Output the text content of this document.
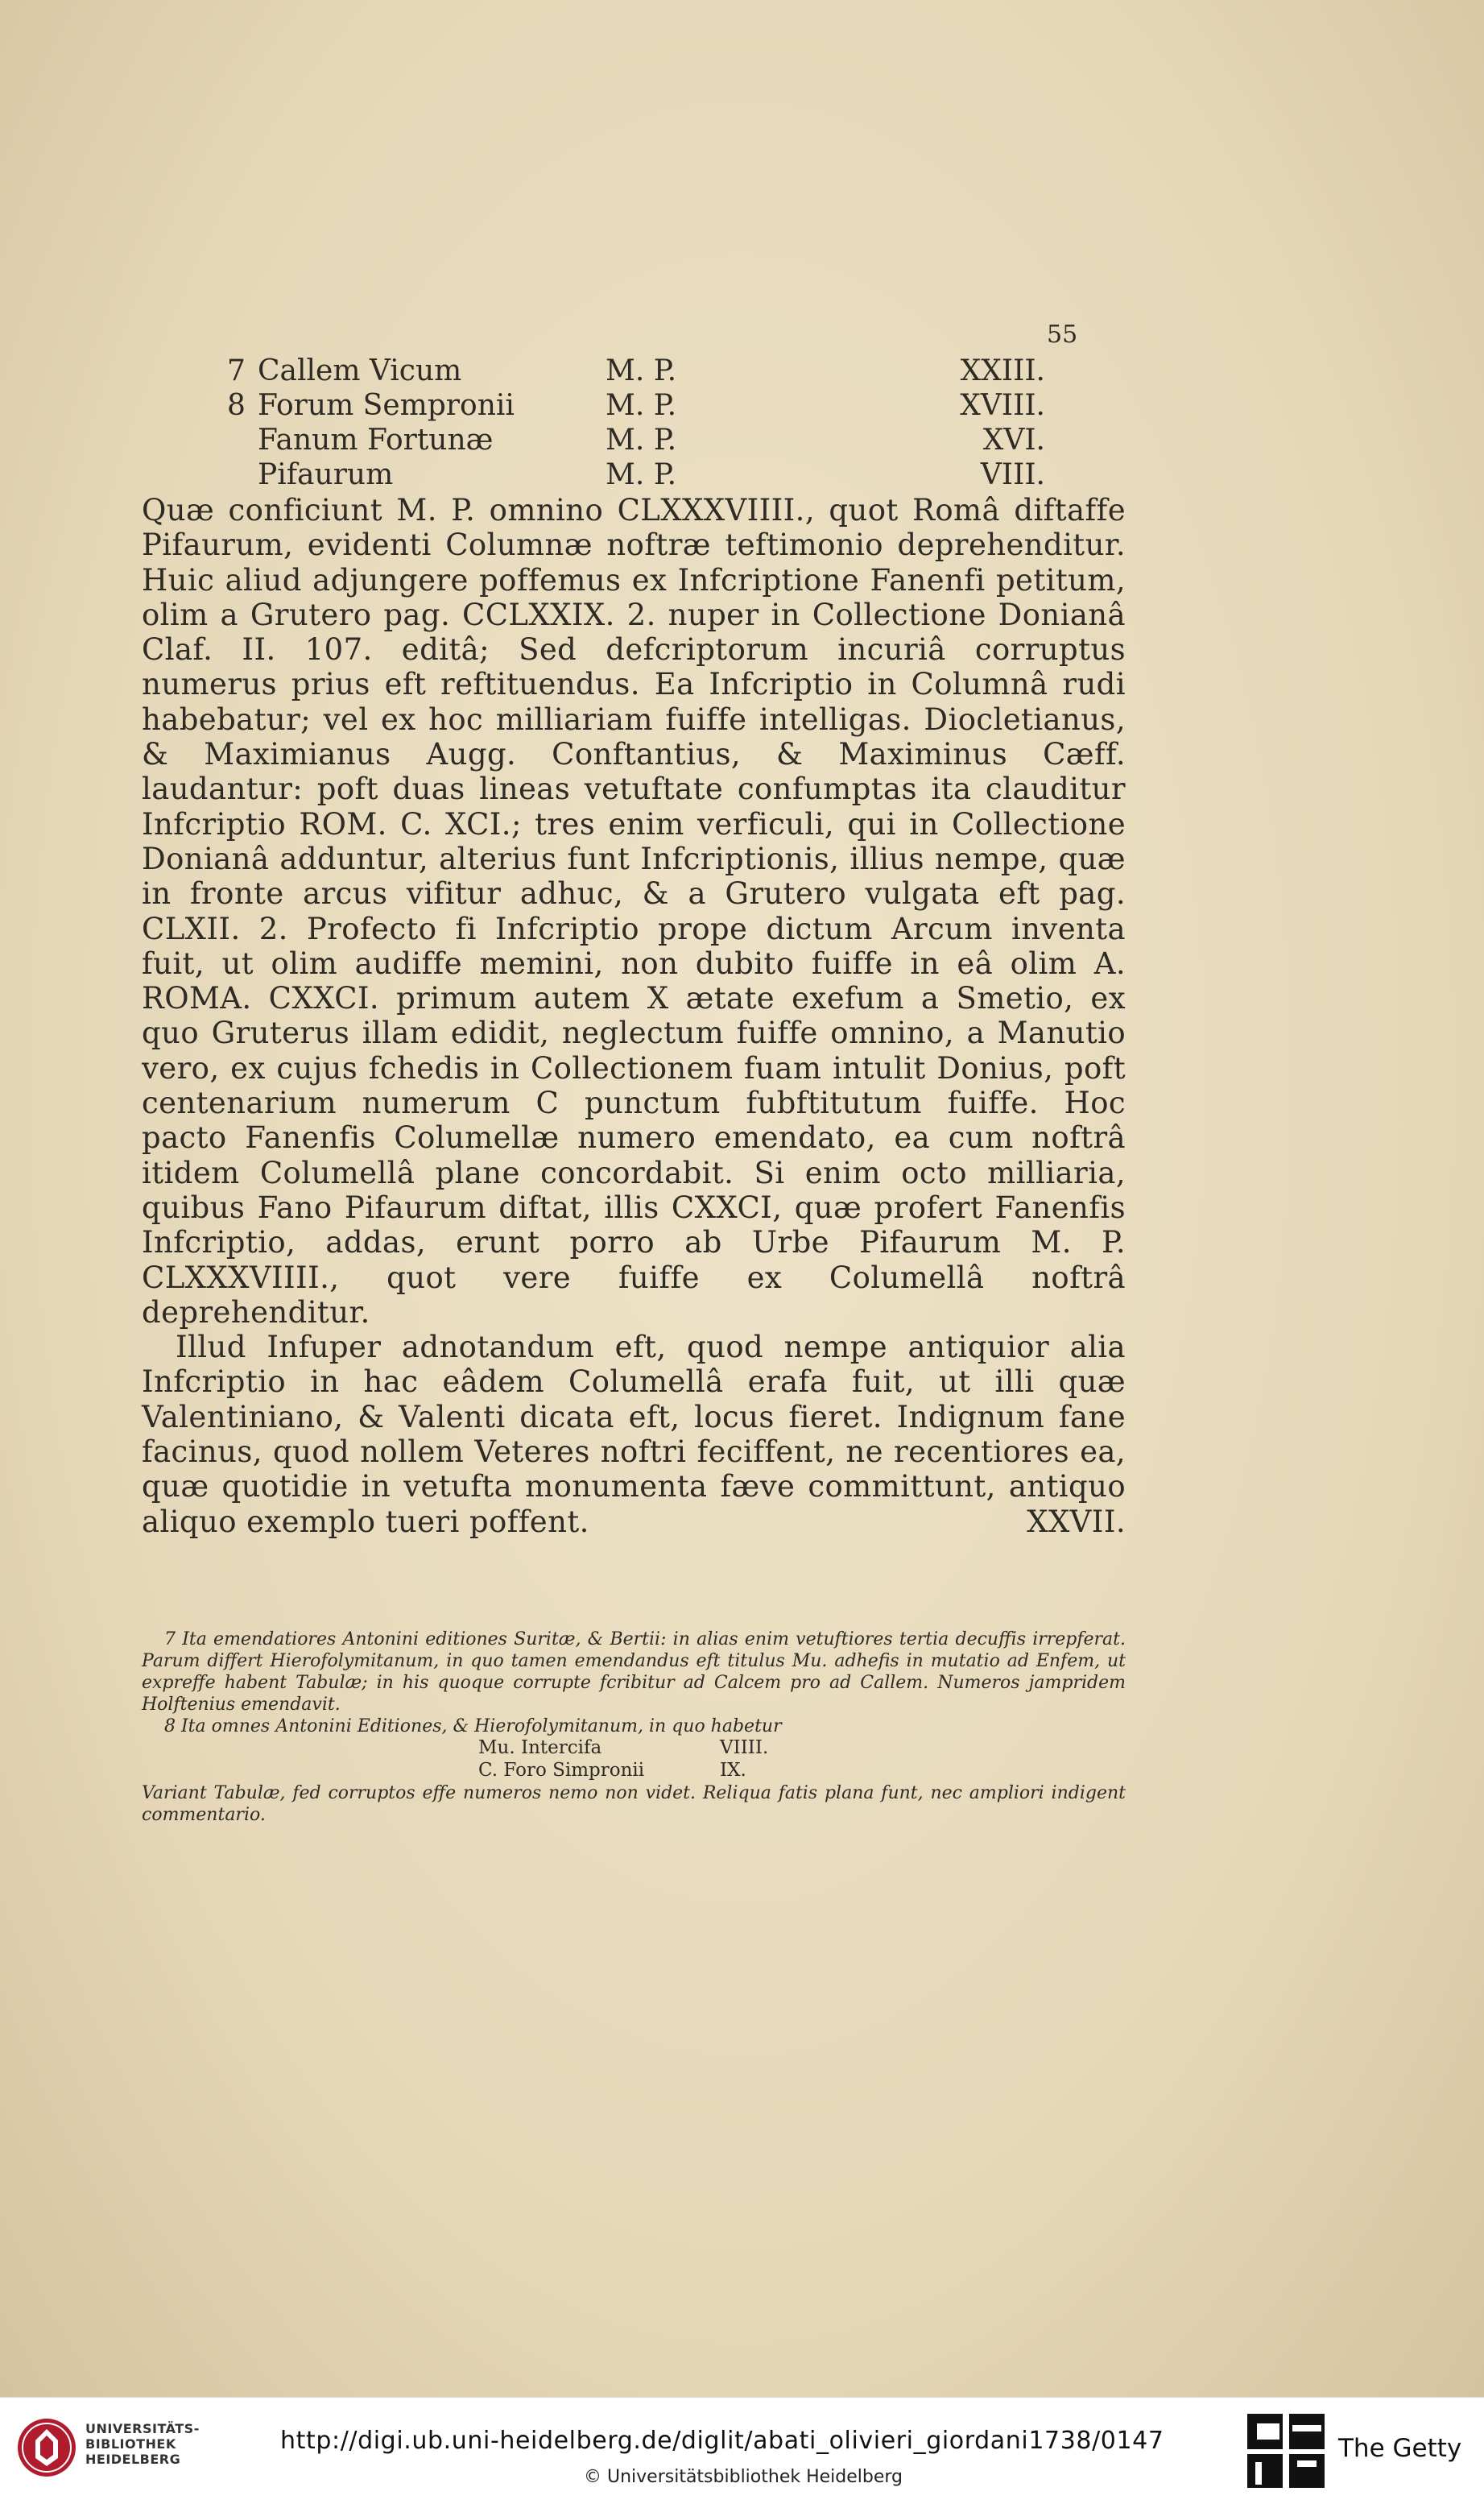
55
7 Callem Vicum	M. P.	XXIII.
8 Forum Sempronii	M. P.	XVIII.
Fanum Fortunæ	M. P.	XVI.
Pifaurum	M. P.	VIII.

Quæ conficiunt M. P. omnino CLXXXVIIII., quot Româ diftaffe Pifaurum, evidenti Columnæ noftræ teftimonio deprehenditur. Huic aliud adjungere poffemus ex Infcriptione Fanenfi petitum, olim a Grutero pag. CCLXXIX. 2. nuper in Collectione Donianâ Claf. II. 107. editâ; Sed defcriptorum incuriâ corruptus numerus prius eft reftituendus. Ea Infcriptio in Columnâ rudi habebatur; vel ex hoc milliariam fuiffe intelligas. Diocletianus, & Maximianus Augg. Conftantius, & Maximinus Cæff. laudantur: poft duas lineas vetuftate confumptas ita clauditur Infcriptio ROM. C. XCI.; tres enim verficuli, qui in Collectione Donianâ adduntur, alterius funt Infcriptionis, illius nempe, quæ in fronte arcus vifitur adhuc, & a Grutero vulgata eft pag. CLXII. 2. Profecto fi Infcriptio prope dictum Arcum inventa fuit, ut olim audiffe memini, non dubito fuiffe in eâ olim A. ROMA. CXXCI. primum autem X ætate exefum a Smetio, ex quo Gruterus illam edidit, neglectum fuiffe omnino, a Manutio vero, ex cujus fchedis in Collectionem fuam intulit Donius, poft centenarium numerum C punctum fubftitutum fuiffe. Hoc pacto Fanenfis Columellæ numero emendato, ea cum noftrâ itidem Columellâ plane concordabit. Si enim octo milliaria, quibus Fano Pifaurum diftat, illis CXXCI, quæ profert Fanenfis Infcriptio, addas, erunt porro ab Urbe Pifaurum M. P. CLXXXVIIII., quot vere fuiffe ex Columellâ noftrâ deprehenditur.

Illud Infuper adnotandum eft, quod nempe antiquior alia Infcriptio in hac eâdem Columellâ erafa fuit, ut illi quæ Valentiniano, & Valenti dicata eft, locus fieret. Indignum fane facinus, quod nollem Veteres noftri feciffent, ne recentiores ea, quæ quotidie in vetufta monumenta fæve committunt, antiquo aliquo exemplo tueri poffent.	XXVII.

7 Ita emendatiores Antonini editiones Suritæ, & Bertii: in alias enim vetuftiores tertia decuffis irrepferat. Parum differt Hierofolymitanum, in quo tamen emendandus eft titulus Mu. adhefis in mutatio ad Enfem, ut expreffe habent Tabulæ; in his quoque corrupte fcribitur ad Calcem pro ad Callem. Numeros jampridem Holftenius emendavit.

8 Ita omnes Antonini Editiones, & Hierofolymitanum, in quo habetur

Mu. Intercifa	VIIII.
C. Foro Simpronii	IX.

Variant Tabulæ, fed corruptos effe numeros nemo non videt. Reliqua fatis plana funt, nec ampliori indigent commentario.

UNIVERSITÄTS-
BIBLIOTHEK
HEIDELBERG
http://digi.ub.uni-heidelberg.de/diglit/abati_olivieri_giordani1738/0147
© Universitätsbibliothek Heidelberg
The Getty
